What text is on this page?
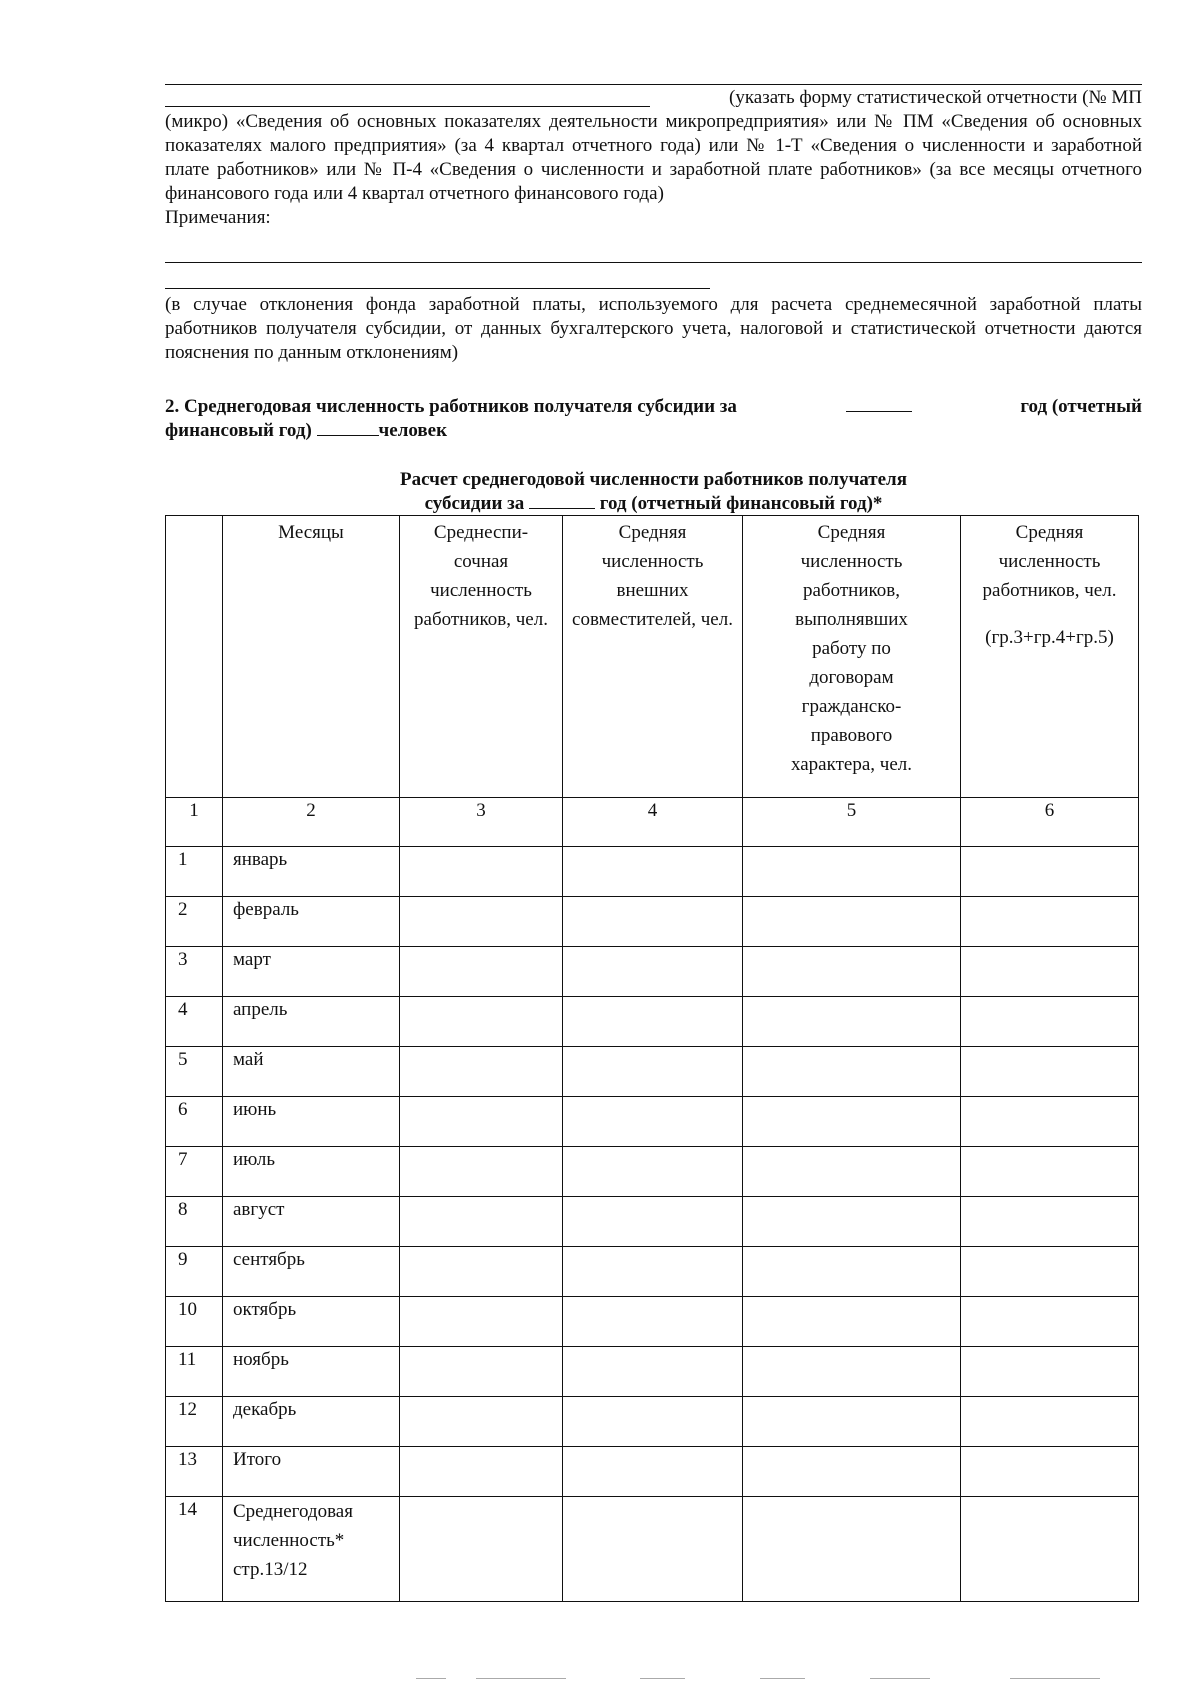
(указать форму статистической отчетности (№ МП
(микро) «Сведения об основных показателях деятельности микропредприятия» или № ПМ «Сведения об основных показателях малого предприятия» (за 4 квартал отчетного года) или № 1-Т «Сведения о численности и заработной плате работников» или № П-4 «Сведения о численности и заработной плате работников» (за все месяцы отчетного финансового года или 4 квартал отчетного финансового года)
Примечания:
(в случае отклонения фонда заработной платы, используемого для расчета среднемесячной заработной платы работников получателя субсидии, от данных бухгалтерского учета, налоговой и статистической отчетности даются пояснения по данным отклонениям)
2. Среднегодовая численность работников получателя субсидии за	год (отчетный
финансовый год)	человек
Расчет среднегодовой численности работников получателя
субсидии за	год (отчетный финансовый год)*
	Месяцы	Среднеспи-сочная численность работников, чел.	Средняя численность внешних совместителей, чел.	Средняя численность работников, выполнявших работу по договорам гражданско-правового характера, чел.	Средняя численность работников, чел.
(гр.3+гр.4+гр.5)

1	2	3	4	5	6
1	январь				
2	февраль				
3	март				
4	апрель				
5	май				
6	июнь				
7	июль				
8	август				
9	сентябрь				
10	октябрь				
11	ноябрь				
12	декабрь				
13	Итого				
14	Среднегодовая
численность*
стр.13/12				
